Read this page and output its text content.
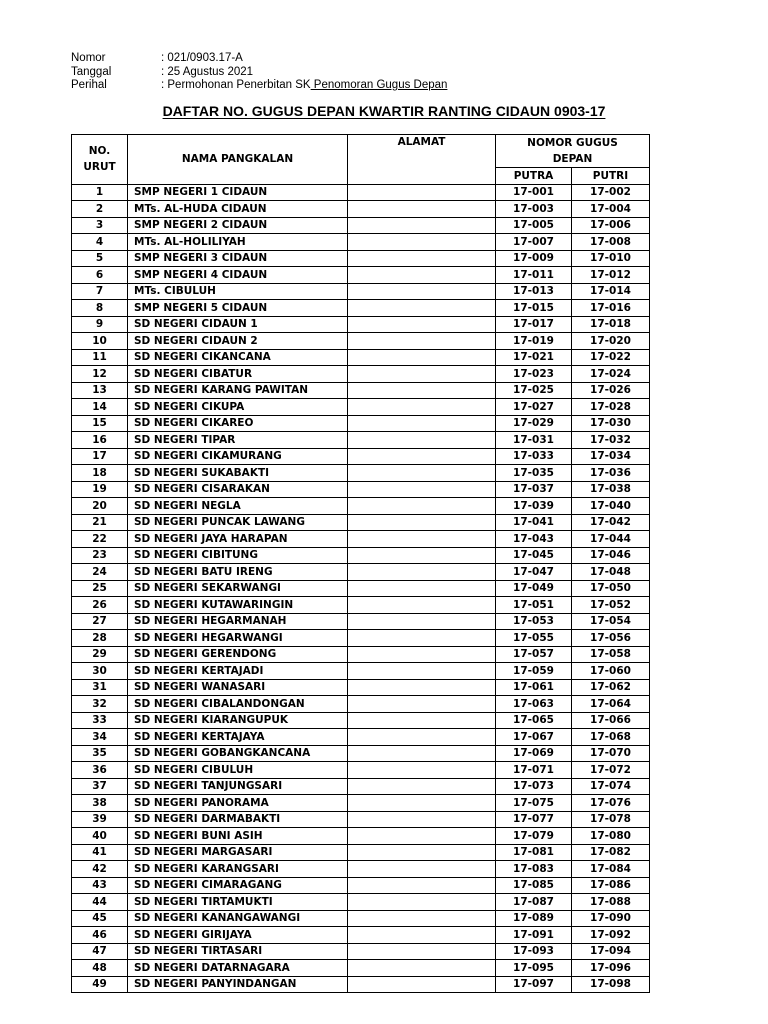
Nomor	: 021/0903.17-A
Tanggal	: 25 Agustus 2021
Perihal	: Permohonan Penerbitan SK Penomoran Gugus Depan
DAFTAR NO. GUGUS DEPAN KWARTIR RANTING CIDAUN 0903-17
NO.
URUT	NAMA PANGKALAN	ALAMAT	NOMOR GUGUS
DEPAN	
			PUTRA	PUTRI
1	SMP NEGERI 1 CIDAUN		17-001	17-002
2	MTs. AL-HUDA CIDAUN		17-003	17-004
3	SMP NEGERI 2 CIDAUN		17-005	17-006
4	MTs. AL-HOLILIYAH		17-007	17-008
5	SMP NEGERI 3 CIDAUN		17-009	17-010
6	SMP NEGERI 4 CIDAUN		17-011	17-012
7	MTs. CIBULUH		17-013	17-014
8	SMP NEGERI 5 CIDAUN		17-015	17-016
9	SD NEGERI CIDAUN 1		17-017	17-018
10	SD NEGERI CIDAUN 2		17-019	17-020
11	SD NEGERI CIKANCANA		17-021	17-022
12	SD NEGERI CIBATUR		17-023	17-024
13	SD NEGERI KARANG PAWITAN		17-025	17-026
14	SD NEGERI CIKUPA		17-027	17-028
15	SD NEGERI CIKAREO		17-029	17-030
16	SD NEGERI TIPAR		17-031	17-032
17	SD NEGERI CIKAMURANG		17-033	17-034
18	SD NEGERI SUKABAKTI		17-035	17-036
19	SD NEGERI CISARAKAN		17-037	17-038
20	SD NEGERI NEGLA		17-039	17-040
21	SD NEGERI PUNCAK LAWANG		17-041	17-042
22	SD NEGERI JAYA HARAPAN		17-043	17-044
23	SD NEGERI CIBITUNG		17-045	17-046
24	SD NEGERI BATU IRENG		17-047	17-048
25	SD NEGERI SEKARWANGI		17-049	17-050
26	SD NEGERI KUTAWARINGIN		17-051	17-052
27	SD NEGERI HEGARMANAH		17-053	17-054
28	SD NEGERI HEGARWANGI		17-055	17-056
29	SD NEGERI GERENDONG		17-057	17-058
30	SD NEGERI KERTAJADI		17-059	17-060
31	SD NEGERI WANASARI		17-061	17-062
32	SD NEGERI CIBALANDONGAN		17-063	17-064
33	SD NEGERI KIARANGUPUK		17-065	17-066
34	SD NEGERI KERTAJAYA		17-067	17-068
35	SD NEGERI GOBANGKANCANA		17-069	17-070
36	SD NEGERI CIBULUH		17-071	17-072
37	SD NEGERI TANJUNGSARI		17-073	17-074
38	SD NEGERI PANORAMA		17-075	17-076
39	SD NEGERI DARMABAKTI		17-077	17-078
40	SD NEGERI BUNI ASIH		17-079	17-080
41	SD NEGERI MARGASARI		17-081	17-082
42	SD NEGERI KARANGSARI		17-083	17-084
43	SD NEGERI CIMARAGANG		17-085	17-086
44	SD NEGERI TIRTAMUKTI		17-087	17-088
45	SD NEGERI KANANGAWANGI		17-089	17-090
46	SD NEGERI GIRIJAYA		17-091	17-092
47	SD NEGERI TIRTASARI		17-093	17-094
48	SD NEGERI DATARNAGARA		17-095	17-096
49	SD NEGERI PANYINDANGAN		17-097	17-098
